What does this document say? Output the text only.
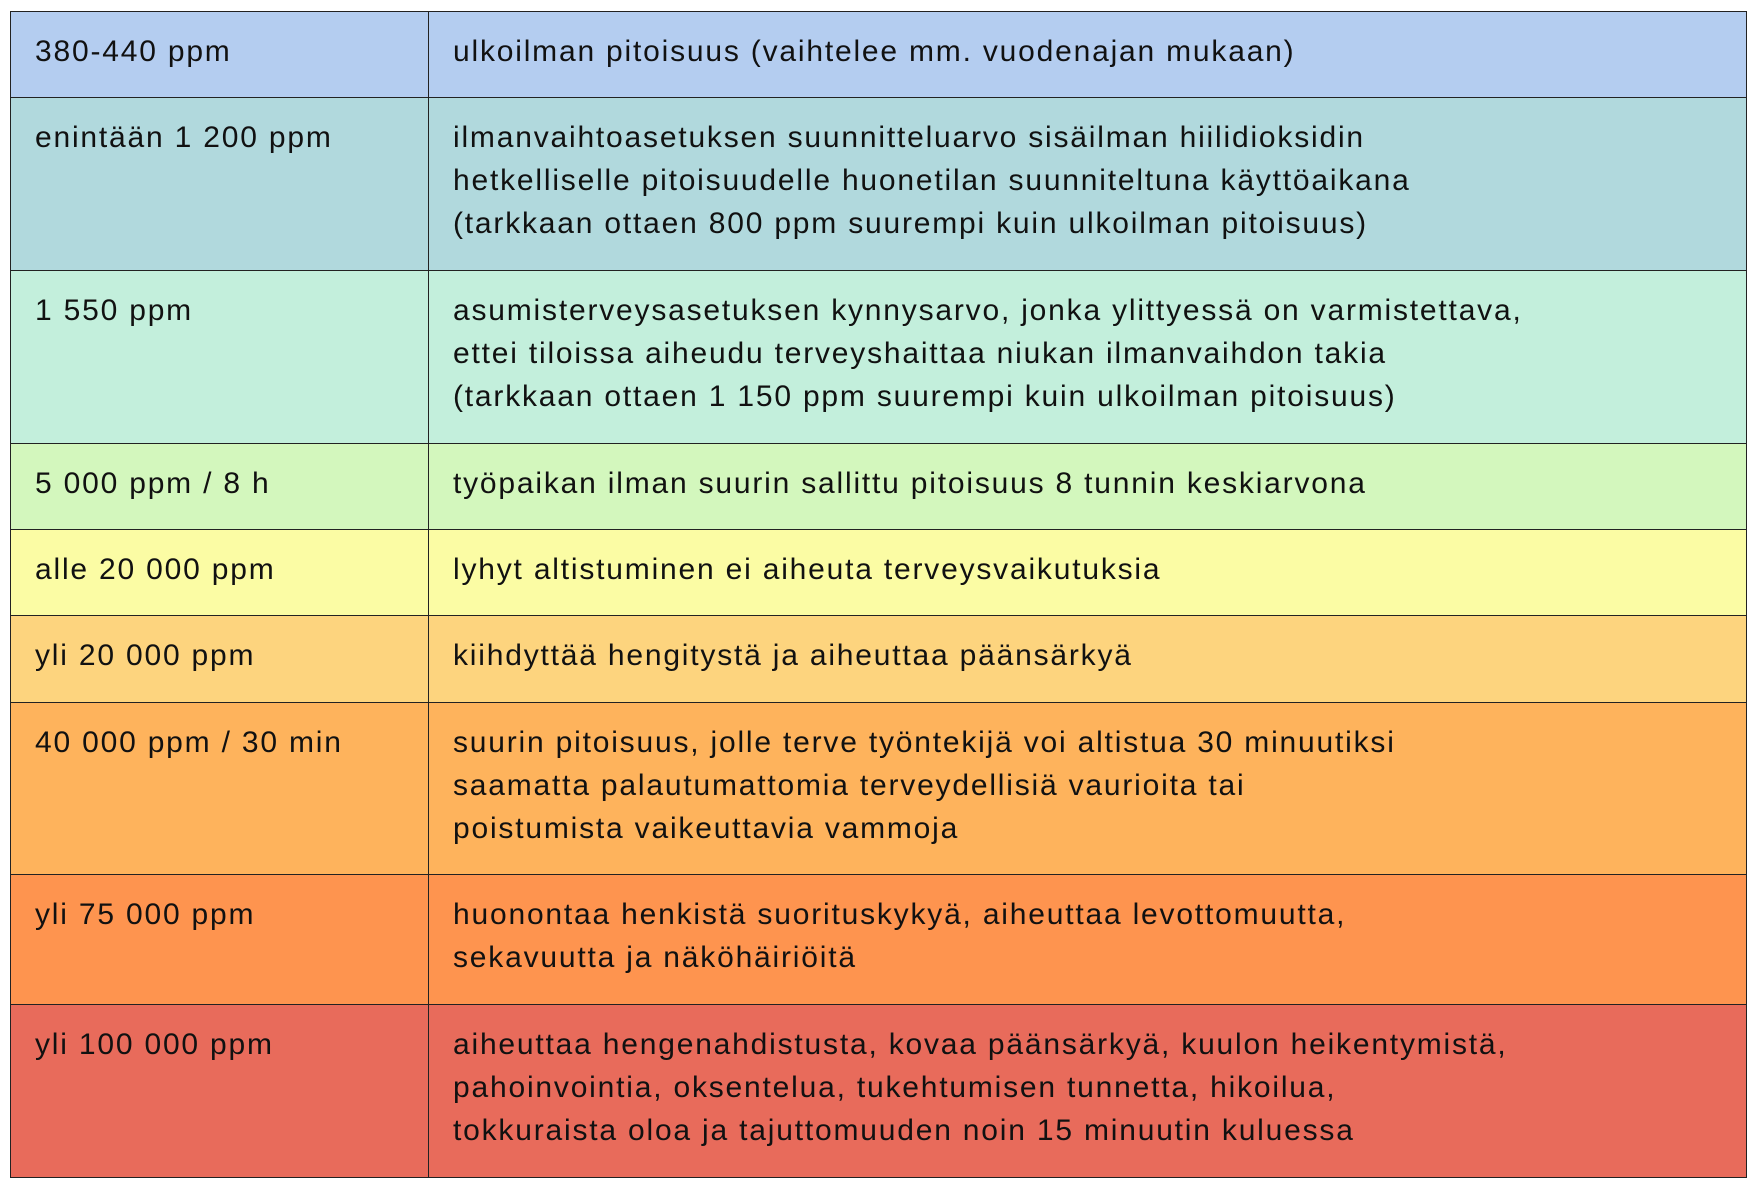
380-440 ppm	ulkoilman pitoisuus (vaihtelee mm. vuodenajan mukaan)

enintään 1 200 ppm	ilmanvaihtoasetuksen suunnitteluarvo sisäilman hiilidioksidin
hetkelliselle pitoisuudelle huonetilan suunniteltuna käyttöaikana
(tarkkaan ottaen 800 ppm suurempi kuin ulkoilman pitoisuus)

1 550 ppm	asumisterveysasetuksen kynnysarvo, jonka ylittyessä on varmistettava,
ettei tiloissa aiheudu terveyshaittaa niukan ilmanvaihdon takia
(tarkkaan ottaen 1 150 ppm suurempi kuin ulkoilman pitoisuus)

5 000 ppm / 8 h	työpaikan ilman suurin sallittu pitoisuus 8 tunnin keskiarvona

alle 20 000 ppm	lyhyt altistuminen ei aiheuta terveysvaikutuksia

yli 20 000 ppm	kiihdyttää hengitystä ja aiheuttaa päänsärkyä

40 000 ppm / 30 min	suurin pitoisuus, jolle terve työntekijä voi altistua 30 minuutiksi
saamatta palautumattomia terveydellisiä vaurioita tai
poistumista vaikeuttavia vammoja

yli 75 000 ppm	huonontaa henkistä suorituskykyä, aiheuttaa levottomuutta,
sekavuutta ja näköhäiriöitä

yli 100 000 ppm	aiheuttaa hengenahdistusta, kovaa päänsärkyä, kuulon heikentymistä,
pahoinvointia, oksentelua, tukehtumisen tunnetta, hikoilua,
tokkuraista oloa ja tajuttomuuden noin 15 minuutin kuluessa
